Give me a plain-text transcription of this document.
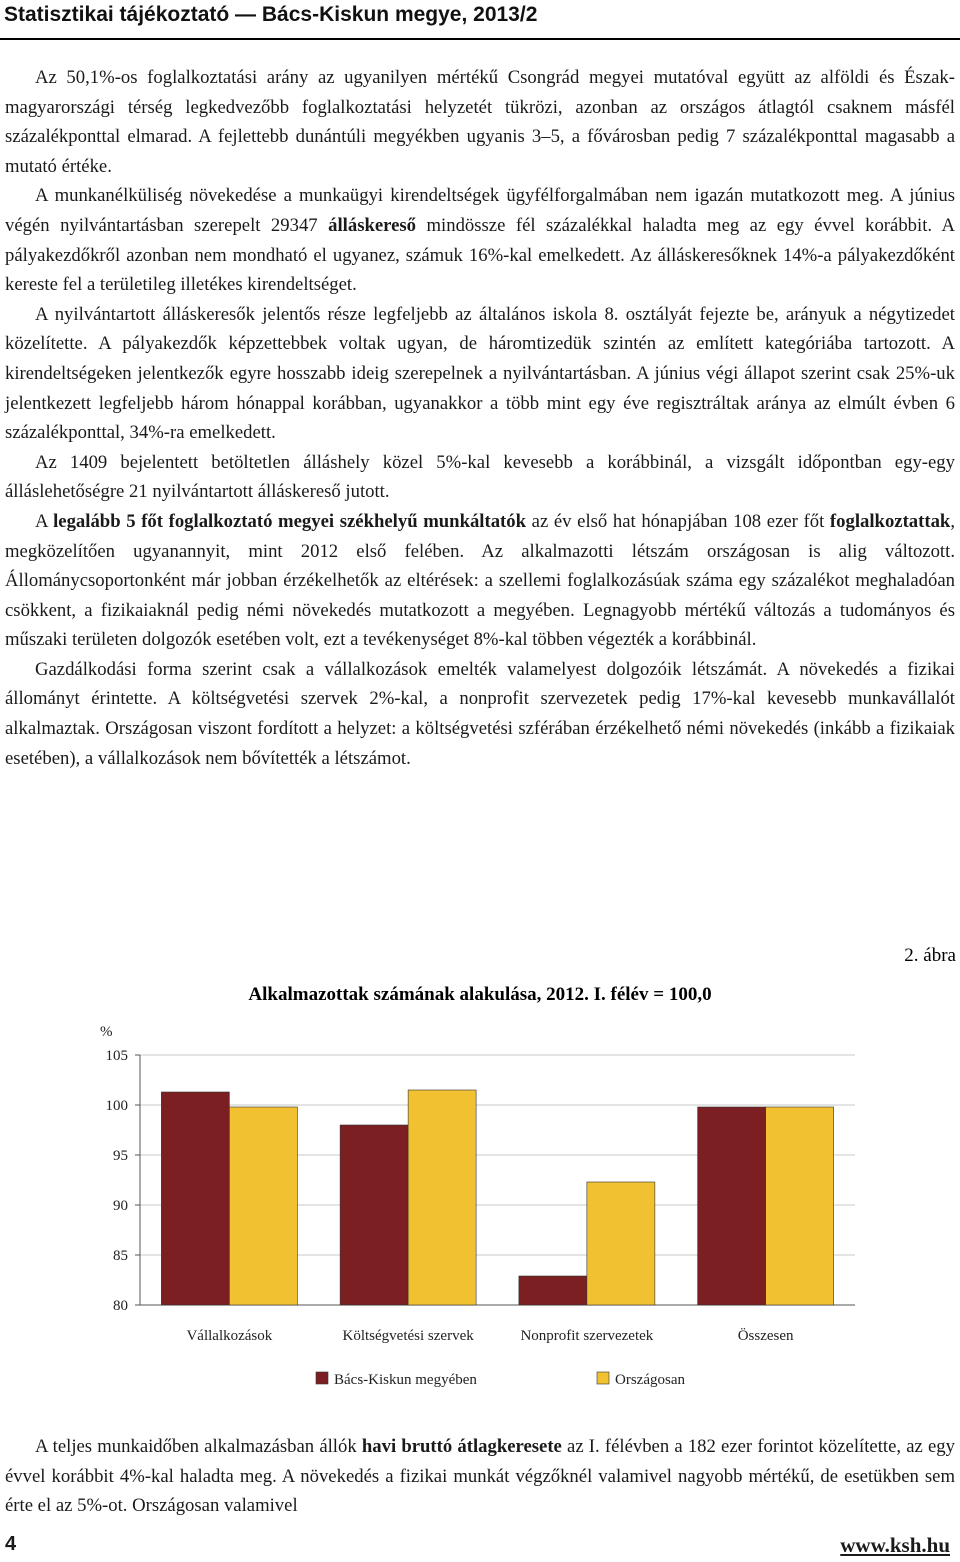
Statisztikai tájékoztató — Bács-Kiskun megye, 2013/2

Az 50,1%-os foglalkoztatási arány az ugyanilyen mértékű Csongrád megyei mutatóval együtt az alföldi és Észak-magyarországi térség legkedvezőbb foglalkoztatási helyzetét tükrözi, azonban az országos átlagtól csaknem másfél százalékponttal elmarad. A fejlettebb dunántúli megyékben ugyanis 3–5, a fővárosban pedig 7 százalékponttal magasabb a mutató értéke.

A munkanélküliség növekedése a munkaügyi kirendeltségek ügyfélforgalmában nem igazán mutatkozott meg. A június végén nyilvántartásban szerepelt 29347 álláskereső mindössze fél százalékkal haladta meg az egy évvel korábbit. A pályakezdőkről azonban nem mondható el ugyanez, számuk 16%-kal emelkedett. Az álláskeresőknek 14%-a pályakezdőként kereste fel a területileg illetékes kirendeltséget.

A nyilvántartott álláskeresők jelentős része legfeljebb az általános iskola 8. osztályát fejezte be, arányuk a négytizedet közelítette. A pályakezdők képzettebbek voltak ugyan, de háromtizedük szintén az említett kategóriába tartozott. A kirendeltségeken jelentkezők egyre hosszabb ideig szerepelnek a nyilvántartásban. A június végi állapot szerint csak 25%-uk jelentkezett legfeljebb három hónappal korábban, ugyanakkor a több mint egy éve regisztráltak aránya az elmúlt évben 6 százalékponttal, 34%-ra emelkedett.

Az 1409 bejelentett betöltetlen álláshely közel 5%-kal kevesebb a korábbinál, a vizsgált időpontban egy-egy álláslehetőségre 21 nyilvántartott álláskereső jutott.

A legalább 5 főt foglalkoztató megyei székhelyű munkáltatók az év első hat hónapjában 108 ezer főt foglalkoztattak, megközelítően ugyanannyit, mint 2012 első felében. Az alkalmazotti létszám országosan is alig változott. Állománycsoportonként már jobban érzékelhetők az eltérések: a szellemi foglalkozásúak száma egy százalékot meghaladóan csökkent, a fizikaiaknál pedig némi növekedés mutatkozott a megyében. Legnagyobb mértékű változás a tudományos és műszaki területen dolgozók esetében volt, ezt a tevékenységet 8%-kal többen végezték a korábbinál.

Gazdálkodási forma szerint csak a vállalkozások emelték valamelyest dolgozóik létszámát. A növekedés a fizikai állományt érintette. A költségvetési szervek 2%-kal, a nonprofit szervezetek pedig 17%-kal kevesebb munkavállalót alkalmaztak. Országosan viszont fordított a helyzet: a költségvetési szférában érzékelhető némi növekedés (inkább a fizikaiak esetében), a vállalkozások nem bővítették a létszámot.

2. ábra
Alkalmazottak számának alakulása, 2012. I. félév = 100,0
%
80
85
90
95
100
105
Vállalkozások	Költségvetési szervek	Nonprofit szervezetek	Összesen
Bács-Kiskun megyében	Országosan

A teljes munkaidőben alkalmazásban állók havi bruttó átlagkeresete az I. félévben a 182 ezer forintot közelítette, az egy évvel korábbit 4%-kal haladta meg. A növekedés a fizikai munkát végzőknél valamivel nagyobb mértékű, de esetükben sem érte el az 5%-ot. Országosan valamivel

4	www.ksh.hu
